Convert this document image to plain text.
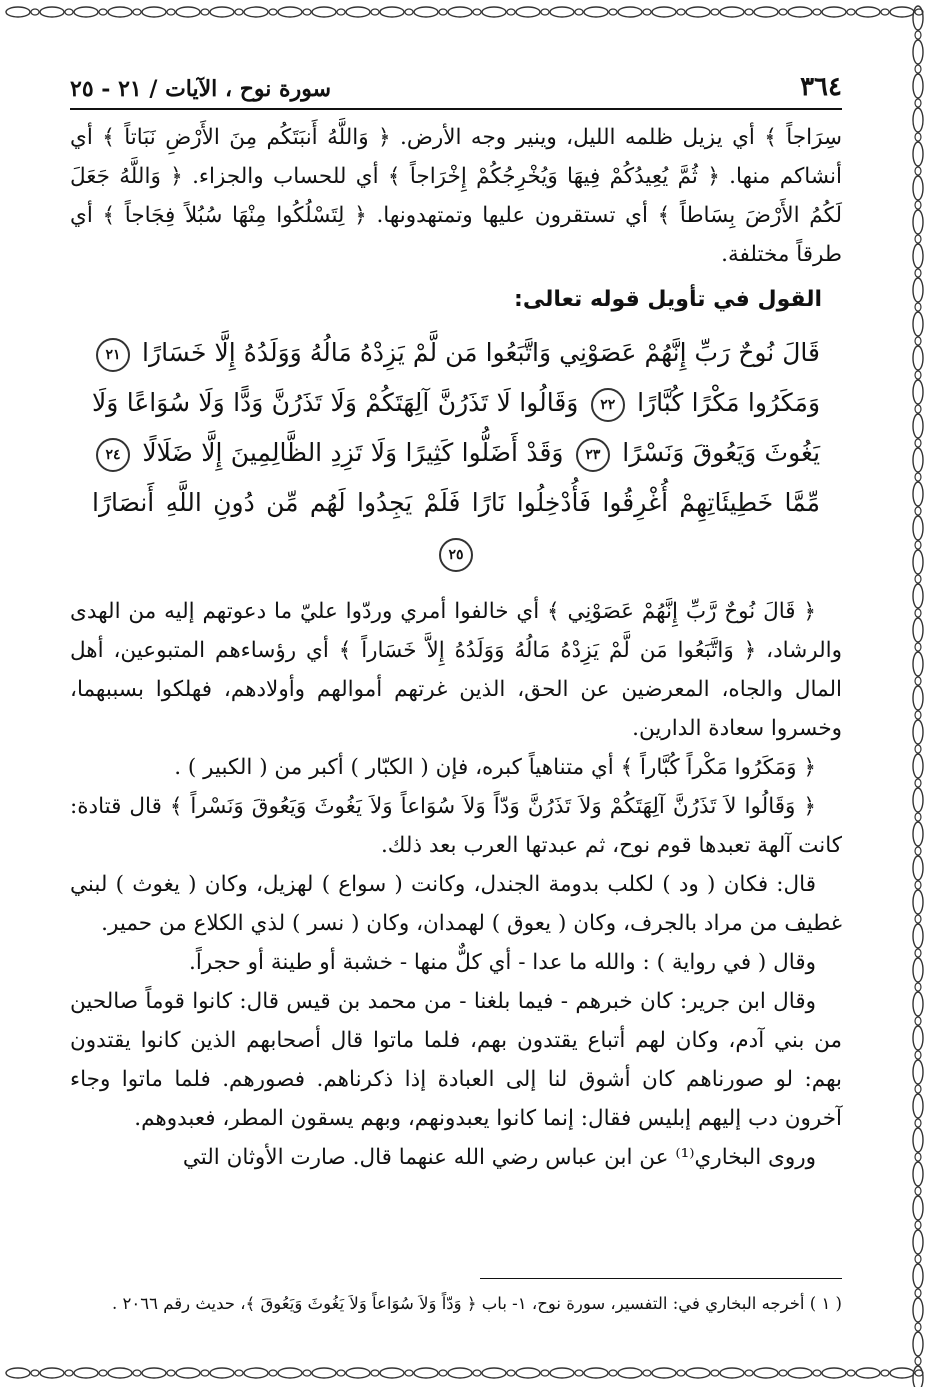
٣٦٤
سورة نوح ، الآيات / ٢١ - ٢٥

سِرَاجاً ﴾ أي يزيل ظلمه الليل، وينير وجه الأرض. ﴿ وَاللَّهُ أَنبَتَكُم مِنَ الأَرْضِ نَبَاتاً ﴾ أي أنشاكم منها. ﴿ ثُمَّ يُعِيدُكُمْ فِيهَا وَيُخْرِجُكُمْ إِخْرَاجاً ﴾ أي للحساب والجزاء. ﴿ وَاللَّهُ جَعَلَ لَكُمُ الأَرْضَ بِسَاطاً ﴾ أي تستقرون عليها وتمتهدونها. ﴿ لِتَسْلُكُوا مِنْهَا سُبُلاً فِجَاجاً ﴾ أي طرقاً مختلفة.

القول في تأويل قوله تعالى:
قَالَ نُوحٌ رَبِّ إِنَّهُمْ عَصَوْنِي وَاتَّبَعُوا مَن لَّمْ يَزِدْهُ مَالُهُ وَوَلَدُهُ إِلَّا خَسَارًا ٢١ وَمَكَرُوا مَكْرًا كُبَّارًا ٢٢ وَقَالُوا لَا تَذَرُنَّ آلِهَتَكُمْ وَلَا تَذَرُنَّ وَدًّا وَلَا سُوَاعًا وَلَا يَغُوثَ وَيَعُوقَ وَنَسْرًا ٢٣ وَقَدْ أَضَلُّوا كَثِيرًا وَلَا تَزِدِ الظَّالِمِينَ إِلَّا ضَلَالًا ٢٤ مِّمَّا خَطِيئَاتِهِمْ أُغْرِقُوا فَأُدْخِلُوا نَارًا فَلَمْ يَجِدُوا لَهُم مِّن دُونِ اللَّهِ أَنصَارًا ٢٥

﴿ قَالَ نُوحٌ رَّبِّ إِنَّهُمْ عَصَوْنِي ﴾ أي خالفوا أمري وردّوا عليّ ما دعوتهم إليه من الهدى والرشاد، ﴿ وَاتَّبَعُوا مَن لَّمْ يَزِدْهُ مَالُهُ وَوَلَدُهُ إِلاَّ خَسَاراً ﴾ أي رؤساءهم المتبوعين، أهل المال والجاه، المعرضين عن الحق، الذين غرتهم أموالهم وأولادهم، فهلكوا بسببهما، وخسروا سعادة الدارين.

﴿ وَمَكَرُوا مَكْراً كُبَّاراً ﴾ أي متناهياً كبره، فإن ( الكبّار ) أكبر من ( الكبير ) .

﴿ وَقَالُوا لاَ تَذَرُنَّ آلِهَتَكُمْ وَلاَ تَذَرُنَّ وَدّاً وَلاَ سُوَاعاً وَلاَ يَغُوثَ وَيَعُوقَ وَنَسْراً ﴾ قال قتادة: كانت آلهة تعبدها قوم نوح، ثم عبدتها العرب بعد ذلك.

قال: فكان ( ود ) لكلب بدومة الجندل، وكانت ( سواع ) لهزيل، وكان ( يغوث ) لبني غطيف من مراد بالجرف، وكان ( يعوق ) لهمدان، وكان ( نسر ) لذي الكلاع من حمير.

وقال ( في رواية ) : والله ما عدا - أي كلٌّ منها - خشبة أو طينة أو حجراً.

وقال ابن جرير: كان خبرهم - فيما بلغنا - من محمد بن قيس قال: كانوا قوماً صالحين من بني آدم، وكان لهم أتباع يقتدون بهم، فلما ماتوا قال أصحابهم الذين كانوا يقتدون بهم: لو صورناهم كان أشوق لنا إلى العبادة إذا ذكرناهم. فصورهم. فلما ماتوا وجاء آخرون دب إليهم إبليس فقال: إنما كانوا يعبدونهم، وبهم يسقون المطر، فعبدوهم.

وروى البخاري⁽¹⁾ عن ابن عباس رضي الله عنهما قال. صارت الأوثان التي

( ١ ) أخرجه البخاري في: التفسير، سورة نوح، ١- باب ﴿ وَدّاً وَلاَ سُوَاعاً وَلاَ يَغُوثَ وَيَعُوقَ ﴾، حديث رقم ٢٠٦٦ .
